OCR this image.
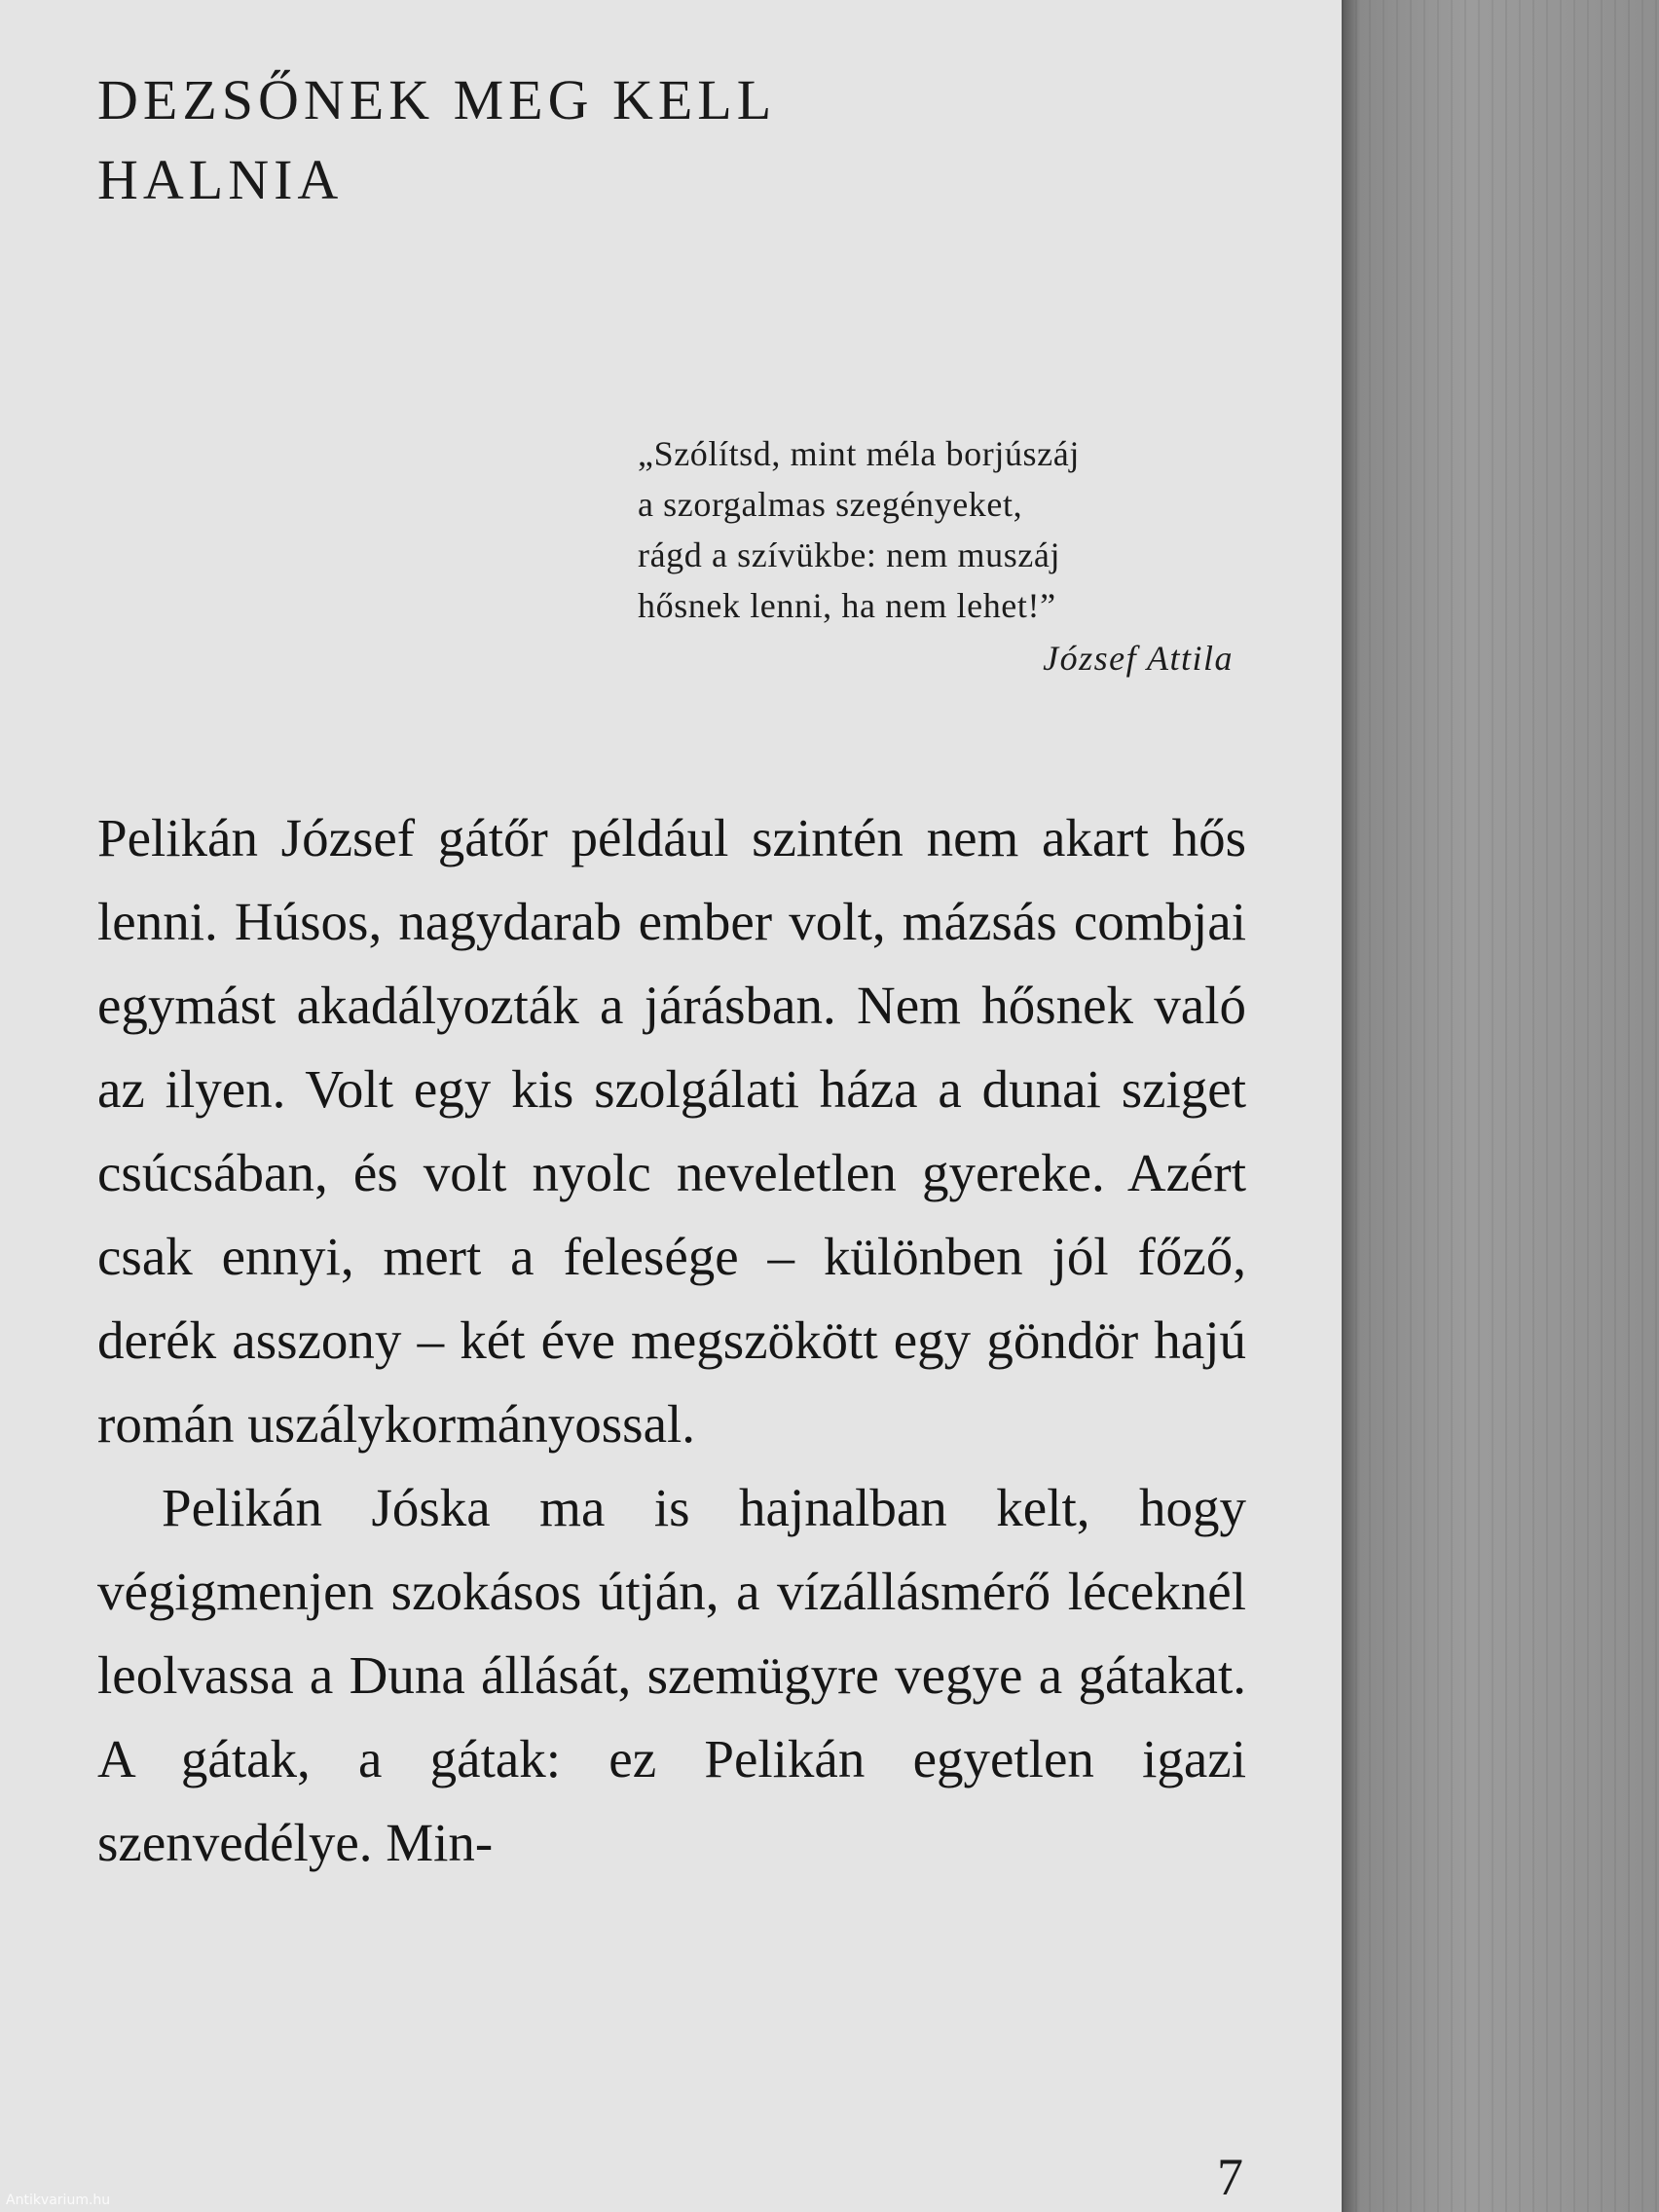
DEZSŐNEK MEG KELL
HALNIA
„Szólítsd, mint méla borjúszáj
a szorgalmas szegényeket,
rágd a szívükbe: nem muszáj
hősnek lenni, ha nem lehet!”
József Attila

Pelikán József gátőr például szintén nem akart hős lenni. Húsos, nagydarab ember volt, mázsás combjai egymást akadályozták a járásban. Nem hősnek való az ilyen. Volt egy kis szolgálati háza a dunai sziget csúcsában, és volt nyolc neveletlen gyereke. Azért csak ennyi, mert a felesége – különben jól főző, derék asszony – két éve megszökött egy göndör hajú román uszálykormányossal.

Pelikán Jóska ma is hajnalban kelt, hogy végigmenjen szokásos útján, a vízállásmérő léceknél leolvassa a Duna állását, szemügyre vegye a gátakat. A gátak, a gátak: ez Pelikán egyetlen igazi szenvedélye. Min-

7
Antikvarium.hu
